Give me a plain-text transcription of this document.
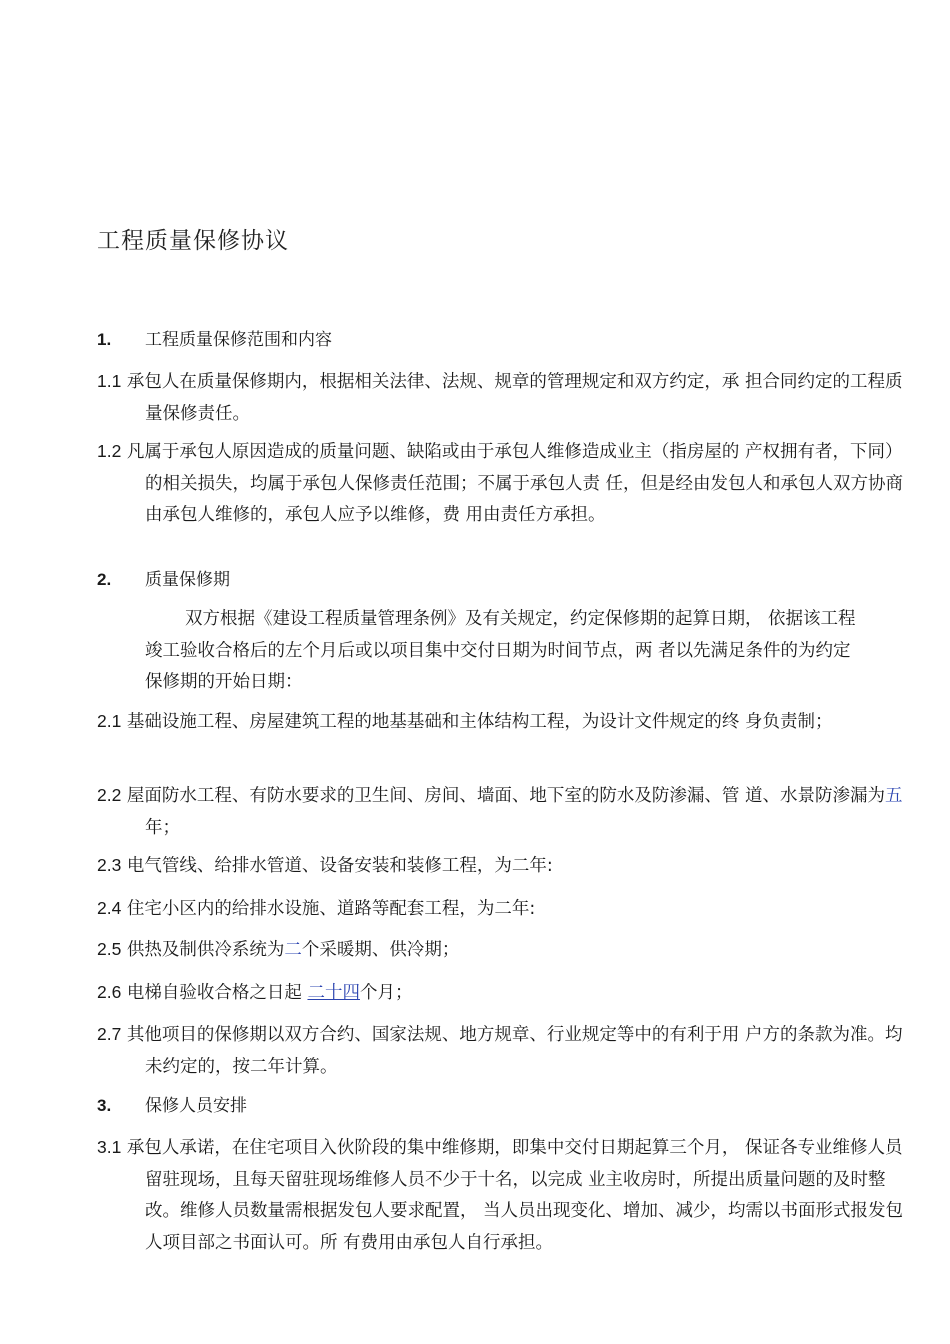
工程质量保修协议
1. 工程质量保修范围和内容
1.1 承包人在质量保修期内，根据相关法律、法规、规章的管理规定和双方约定，承 担合同约定的工程质量保修责任。
1.2 凡属于承包人原因造成的质量问题、缺陷或由于承包人维修造成业主（指房屋的 产权拥有者，下同）的相关损失，均属于承包人保修责任范围；不属于承包人责 任，但是经由发包人和承包人双方协商由承包人维修的，承包人应予以维修，费 用由责任方承担。
2. 质量保修期
双方根据《建设工程质量管理条例》及有关规定，约定保修期的起算日期， 依据该工程竣工验收合格后的左个月后或以项目集中交付日期为时间节点，两 者以先满足条件的为约定保修期的开始日期：
2.1 基础设施工程、房屋建筑工程的地基基础和主体结构工程，为设计文件规定的终 身负责制；
2.2 屋面防水工程、有防水要求的卫生间、房间、墙面、地下室的防水及防渗漏、管 道、水景防渗漏为五年；
2.3 电气管线、给排水管道、设备安装和装修工程，为二年:
2.4 住宅小区内的给排水设施、道路等配套工程，为二年:
2.5 供热及制供冷系统为二个采暖期、供冷期；
2.6 电梯自验收合格之日起 二十四个月；
2.7 其他项目的保修期以双方合约、国家法规、地方规章、行业规定等中的有利于用 户方的条款为准。均未约定的，按二年计算。
3. 保修人员安排
3.1 承包人承诺，在住宅项目入伙阶段的集中维修期，即集中交付日期起算三个月， 保证各专业维修人员留驻现场，且每天留驻现场维修人员不少于十名，以完成 业主收房时，所提出质量问题的及时整改。维修人员数量需根据发包人要求配置， 当人员出现变化、增加、减少，均需以书面形式报发包人项目部之书面认可。所 有费用由承包人自行承担。
